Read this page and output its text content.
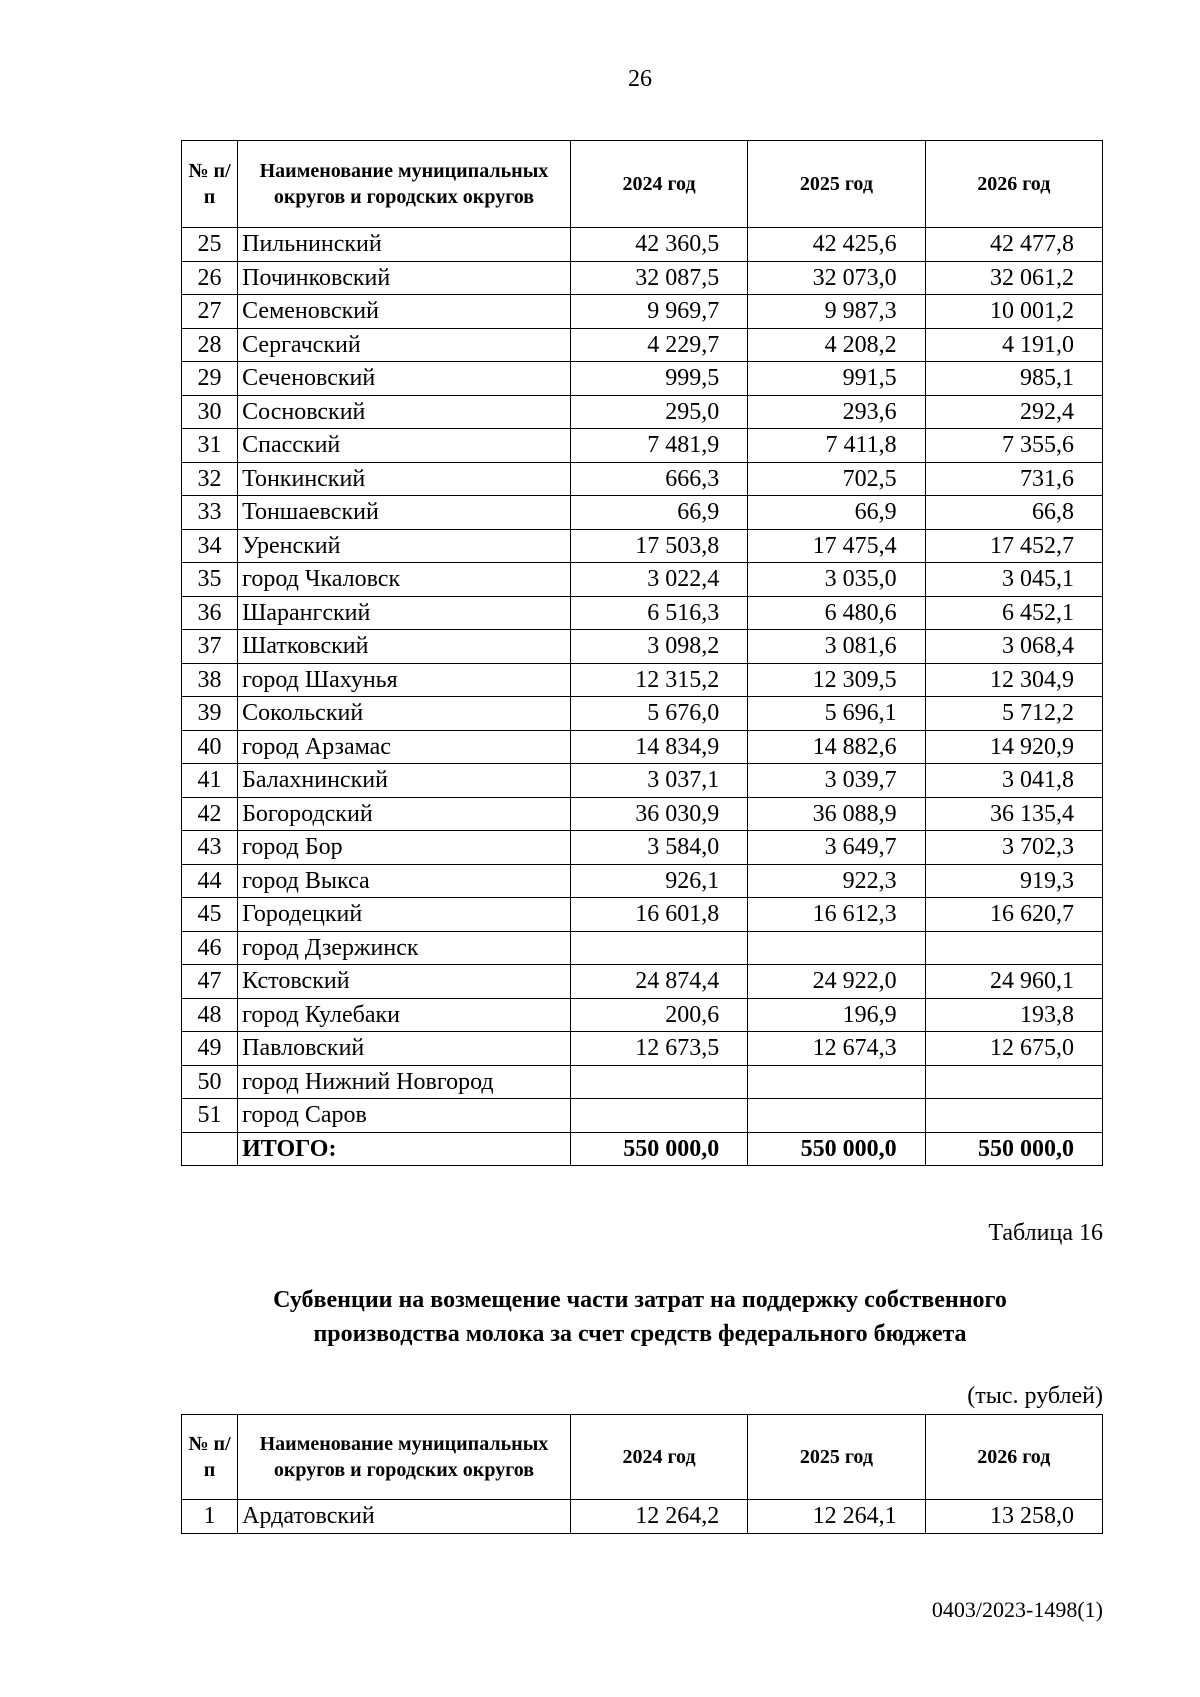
26
№ п/п	Наименование муниципальных округов и городских округов	2024 год	2025 год	2026 год
25	Пильнинский	42 360,5	42 425,6	42 477,8
26	Починковский	32 087,5	32 073,0	32 061,2
27	Семеновский	9 969,7	9 987,3	10 001,2
28	Сергачский	4 229,7	4 208,2	4 191,0
29	Сеченовский	999,5	991,5	985,1
30	Сосновский	295,0	293,6	292,4
31	Спасский	7 481,9	7 411,8	7 355,6
32	Тонкинский	666,3	702,5	731,6
33	Тоншаевский	66,9	66,9	66,8
34	Уренский	17 503,8	17 475,4	17 452,7
35	город Чкаловск	3 022,4	3 035,0	3 045,1
36	Шарангский	6 516,3	6 480,6	6 452,1
37	Шатковский	3 098,2	3 081,6	3 068,4
38	город Шахунья	12 315,2	12 309,5	12 304,9
39	Сокольский	5 676,0	5 696,1	5 712,2
40	город Арзамас	14 834,9	14 882,6	14 920,9
41	Балахнинский	3 037,1	3 039,7	3 041,8
42	Богородский	36 030,9	36 088,9	36 135,4
43	город Бор	3 584,0	3 649,7	3 702,3
44	город Выкса	926,1	922,3	919,3
45	Городецкий	16 601,8	16 612,3	16 620,7
46	город Дзержинск			
47	Кстовский	24 874,4	24 922,0	24 960,1
48	город Кулебаки	200,6	196,9	193,8
49	Павловский	12 673,5	12 674,3	12 675,0
50	город Нижний Новгород			
51	город Саров			
	ИТОГО:	550 000,0	550 000,0	550 000,0
Таблица 16
Субвенции на возмещение части затрат на поддержку собственного
производства молока за счет средств федерального бюджета
(тыс. рублей)
№ п/п	Наименование муниципальных округов и городских округов	2024 год	2025 год	2026 год
1	Ардатовский	12 264,2	12 264,1	13 258,0
0403/2023-1498(1)
